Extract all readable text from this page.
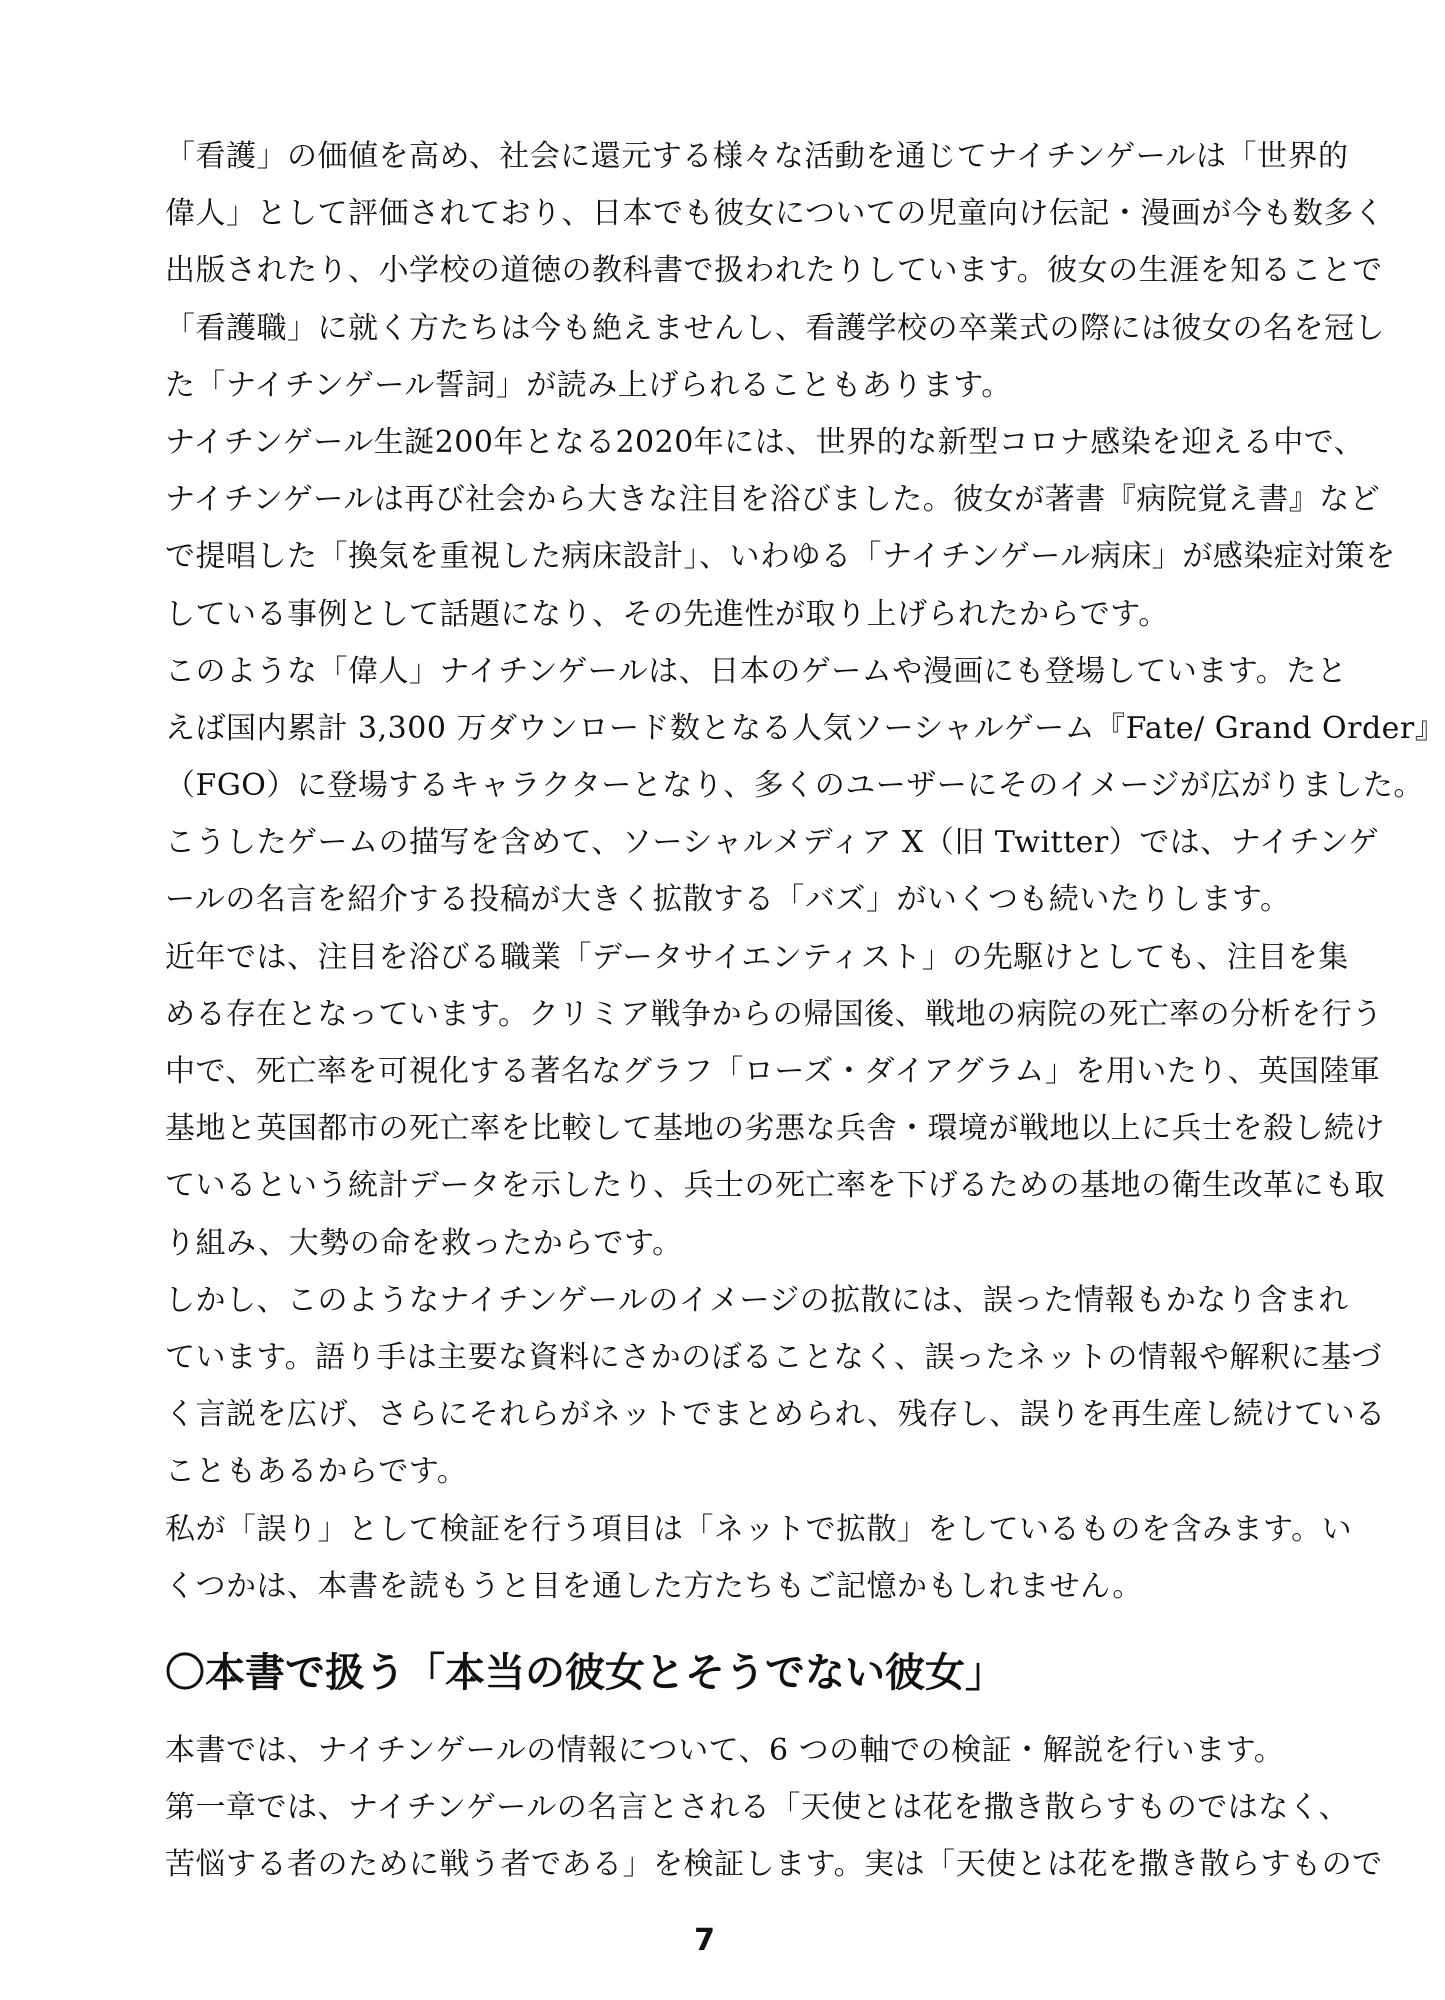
「看護」の価値を高め、社会に還元する様々な活動を通じてナイチンゲールは「世界的
偉人」として評価されており、日本でも彼女についての児童向け伝記・漫画が今も数多く
出版されたり、小学校の道徳の教科書で扱われたりしています。彼女の生涯を知ることで
「看護職」に就く方たちは今も絶えませんし、看護学校の卒業式の際には彼女の名を冠し
た「ナイチンゲール誓詞」が読み上げられることもあります。
ナイチンゲール生誕200年となる2020年には、世界的な新型コロナ感染を迎える中で、
ナイチンゲールは再び社会から大きな注目を浴びました。彼女が著書『病院覚え書』など
で提唱した「換気を重視した病床設計」、いわゆる「ナイチンゲール病床」が感染症対策を
している事例として話題になり、その先進性が取り上げられたからです。
このような「偉人」ナイチンゲールは、日本のゲームや漫画にも登場しています。たと
えば国内累計 3,300 万ダウンロード数となる人気ソーシャルゲーム『Fate/ Grand Order』
（FGO）に登場するキャラクターとなり、多くのユーザーにそのイメージが広がりました。
こうしたゲームの描写を含めて、ソーシャルメディア X（旧 Twitter）では、ナイチンゲ
ールの名言を紹介する投稿が大きく拡散する「バズ」がいくつも続いたりします。
近年では、注目を浴びる職業「データサイエンティスト」の先駆けとしても、注目を集
める存在となっています。クリミア戦争からの帰国後、戦地の病院の死亡率の分析を行う
中で、死亡率を可視化する著名なグラフ「ローズ・ダイアグラム」を用いたり、英国陸軍
基地と英国都市の死亡率を比較して基地の劣悪な兵舎・環境が戦地以上に兵士を殺し続け
ているという統計データを示したり、兵士の死亡率を下げるための基地の衛生改革にも取
り組み、大勢の命を救ったからです。
しかし、このようなナイチンゲールのイメージの拡散には、誤った情報もかなり含まれ
ています。語り手は主要な資料にさかのぼることなく、誤ったネットの情報や解釈に基づ
く言説を広げ、さらにそれらがネットでまとめられ、残存し、誤りを再生産し続けている
こともあるからです。
私が「誤り」として検証を行う項目は「ネットで拡散」をしているものを含みます。い
くつかは、本書を読もうと目を通した方たちもご記憶かもしれません。
〇本書で扱う「本当の彼女とそうでない彼女」
本書では、ナイチンゲールの情報について、6 つの軸での検証・解説を行います。
第一章では、ナイチンゲールの名言とされる「天使とは花を撒き散らすものではなく、
苦悩する者のために戦う者である」を検証します。実は「天使とは花を撒き散らすもので
7
